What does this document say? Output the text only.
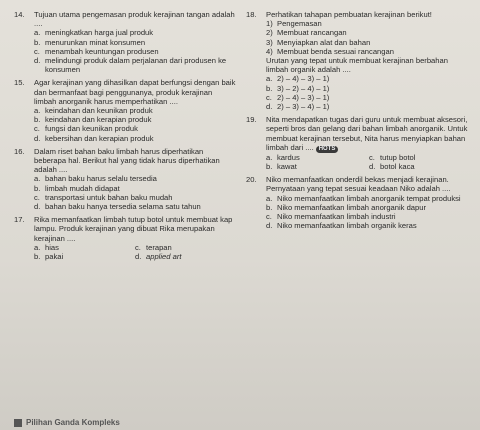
14.	Tujuan utama pengemasan produk kerajinan tangan adalah ....
a. meningkatkan harga jual produk
b. menurunkan minat konsumen
c. menambah keuntungan produsen
d. melindungi produk dalam perjalanan dari produsen ke konsumen
15.	Agar kerajinan yang dihasilkan dapat berfungsi dengan baik dan bermanfaat bagi penggunanya, produk kerajinan limbah anorganik harus memperhatikan ....
a. keindahan dan keunikan produk
b. keindahan dan kerapian produk
c. fungsi dan keunikan produk
d. kebersihan dan kerapian produk
16.	Dalam riset bahan baku limbah harus diperhatikan beberapa hal. Berikut hal yang tidak harus diperhatikan adalah ....
a. bahan baku harus selalu tersedia
b. limbah mudah didapat
c. transportasi untuk bahan baku mudah
d. bahan baku hanya tersedia selama satu tahun
17.	Rika memanfaatkan limbah tutup botol untuk membuat kap lampu. Produk kerajinan yang dibuat Rika merupakan kerajinan ....
a. hias	c. terapan
b. pakai	d. applied art
18.	Perhatikan tahapan pembuatan kerajinan berikut!
1) Pengemasan
2) Membuat rancangan
3) Menyiapkan alat dan bahan
4) Membuat benda sesuai rancangan
Urutan yang tepat untuk membuat kerajinan berbahan limbah organik adalah ....
a. 2) – 4) – 3) – 1)
b. 3) – 2) – 4) – 1)
c. 2) – 4) – 3) – 1)
d. 2) – 3) – 4) – 1)
19.	Nita mendapatkan tugas dari guru untuk membuat aksesori, seperti bros dan gelang dari bahan limbah anorganik. Untuk membuat kerajinan tersebut, Nita harus menyiapkan bahan limbah dari .... HOTS
a. kardus	c. tutup botol
b. kawat	d. botol kaca
20.	Niko memanfaatkan onderdil bekas menjadi kerajinan. Pernyataan yang tepat sesuai keadaan Niko adalah ....
a. Niko memanfaatkan limbah anorganik tempat produksi
b. Niko memanfaatkan limbah anorganik dapur
c. Niko memanfaatkan limbah industri
d. Niko memanfaatkan limbah organik keras
Pilihan Ganda Kompleks
